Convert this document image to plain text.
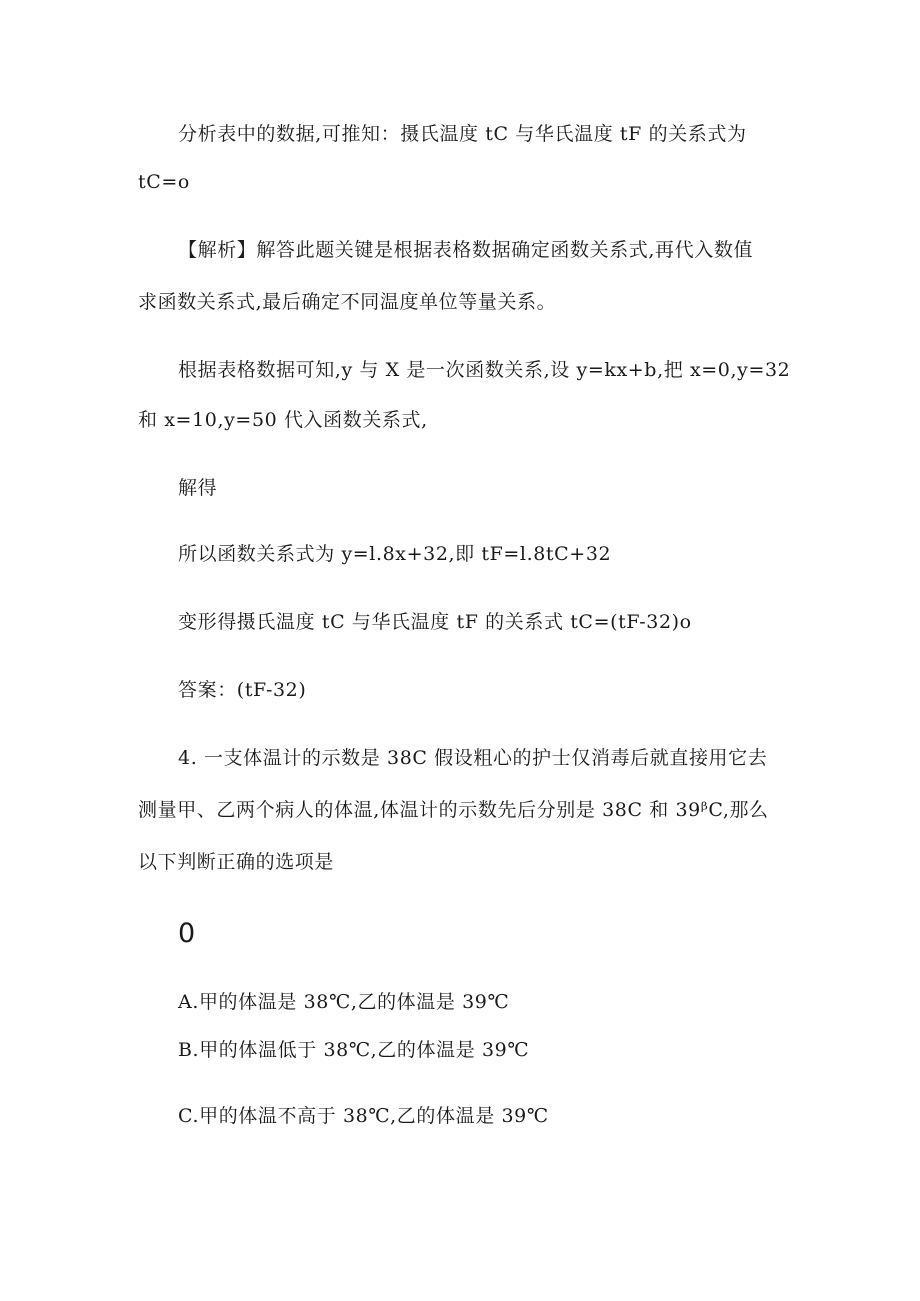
分析表中的数据,可推知：摄氏温度 tC 与华氏温度 tF 的关系式为
tC=o
【解析】解答此题关键是根据表格数据确定函数关系式,再代入数值
求函数关系式,最后确定不同温度单位等量关系。
根据表格数据可知,y 与 X 是一次函数关系,设 y=kx+b,把 x=0,y=32
和 x=10,y=50 代入函数关系式,
解得
所以函数关系式为 y=l.8x+32,即 tF=l.8tC+32
变形得摄氏温度 tC 与华氏温度 tF 的关系式 tC=(tF-32)o
答案：(tF-32)
4. 一支体温计的示数是 38C 假设粗心的护士仅消毒后就直接用它去
测量甲、乙两个病人的体温,体温计的示数先后分别是 38C 和 39ᵝC,那么
以下判断正确的选项是
0
A.甲的体温是 38℃,乙的体温是 39℃
B.甲的体温低于 38℃,乙的体温是 39℃
C.甲的体温不高于 38℃,乙的体温是 39℃
